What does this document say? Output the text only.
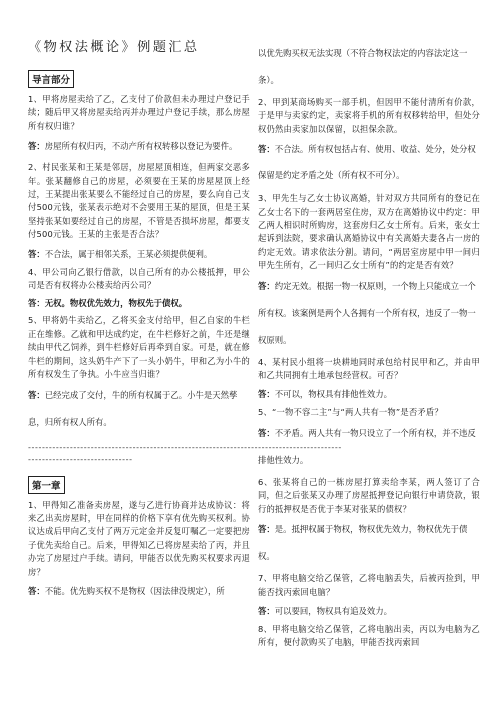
《物权法概论》例题汇总
导言部分

1、甲将房屋卖给了乙，乙支付了价款但未办理过户登记手续；随后甲又将房屋卖给丙并办理过户登记手续，那么房屋所有权归谁？

答：房屋所有权归丙，不动产所有权转移以登记为要件。

2、村民张某和王某是邻居，房屋屋顶相连，但两家交恶多年。张某翻修自己的房屋，必须要在王某的房屋屋顶上经过，王某提出张某要么不能经过自己的房屋，要么向自己支付500元钱，张某表示绝对不会要用王某的屋顶，但是王某坚持张某如要经过自己的房屋，不管是否损坏房屋，都要支付500元钱。王某的主张是否合法？

答：不合法，属于相邻关系，王某必须提供便利。

4、甲公司向乙银行借款，以自己所有的办公楼抵押，甲公司是否有权将办公楼卖给丙公司？

答：无权。物权优先效力，物权先于债权。

5、甲将奶牛卖给乙，乙将买金支付给甲，但乙自家的牛栏正在维修。乙就和甲达成约定，在牛栏修好之前，牛还是继续由甲代乙饲养，到牛栏修好后再牵到自家。可是，就在修牛栏的期间，这头奶牛产下了一头小奶牛，甲和乙为小牛的所有权发生了争执。小牛应当归谁？

答：已经完成了交付，牛的所有权属于乙。小牛是天然孳息，归所有权人所有。

------------------------------------------------------------------------------------------

------------------------------

第一章

1、甲得知乙准备卖房屋，遂与乙进行协商并达成协议：将来乙出卖房屋时，甲在同样的价格下享有优先购买权利。协议达成后甲向乙支付了两万元定金并反复叮嘱乙一定要把房子优先卖给自己。后来，甲得知乙已将房屋卖给了丙，并且办完了房屋过户手续。请问，甲能否以优先购买权要求丙退房？

答：不能。优先购买权不是物权（因法律没规定），所

以优先购买权无法实现（不符合物权法定的内容法定这一条）。

2、甲到某商场购买一部手机，但因甲不能付清所有价款，于是甲与卖家约定，卖家将手机的所有权移转给甲，但处分权仍然由卖家加以保留，以担保余款。

答：不合法。所有权包括占有、使用、收益、处分，处分权保留是约定矛盾之处（所有权不可分）。

3、甲先生与乙女士协议离婚，针对双方共同所有的登记在乙女士名下的一套两居室住房，双方在离婚协议中约定：甲乙两人相识时所购房，这套房归乙女士所有。后来，张女士起诉到法院，要求确认离婚协议中有关离婚夫妻各占一房的约定无效。请求依法分割。请问，“两居室房屋中甲一间归甲先生所有，乙一间归乙女士所有”的约定是否有效？

答：约定无效。根据一物一权原则，一个物上只能成立一个所有权。该案例是两个人各拥有一个所有权，违反了一物一权原则。

4、某村民小组将一块耕地同时承包给村民甲和乙，并由甲和乙共同拥有土地承包经营权。可否？

答：不可以，物权具有排他性效力。

5、“一物不容二主”与“两人共有一物”是否矛盾？

答：不矛盾。两人共有一物只设立了一个所有权，并不违反排他性效力。

6、张某将自己的一栋房屋打算卖给李某，两人签订了合同，但之后张某又办理了房屋抵押登记向银行申请贷款，银行的抵押权是否优于李某对张某的债权？

答：是。抵押权属于物权，物权优先效力，物权优先于债权。

7、甲将电脑交给乙保管，乙将电脑丢失，后被丙捡到，甲能否找丙索回电脑？

答：可以要回，物权具有追及效力。

8、甲将电脑交给乙保管，乙将电脑出卖，丙以为电脑为乙所有，便付款购买了电脑，甲能否找丙索回
